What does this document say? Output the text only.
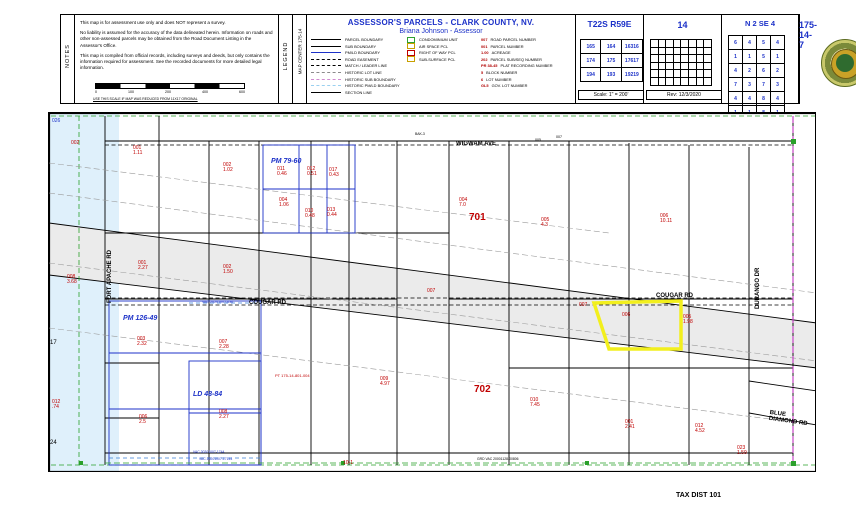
NOTES

This map is for assessment use only and does NOT represent a survey.

No liability is assumed for the accuracy of the data delineated herein. Information on roads and other non-assessed parcels may be obtained from the Road Document Listing in the Assessor's Office.

This map is compiled from official records, including surveys and deeds, but only contains the information required for assessment. See the recorded documents for more detailed legal information.

0	100	200	400	600
USE THIS SCALE IF MAP WAS REDUCED FROM 11X17 ORIGINAL
LEGEND MAP CENTER 175-14
ASSESSOR'S PARCELS - CLARK COUNTY, NV.
Briana Johnson - Assessor
PARCEL BOUNDARY
SUB BOUNDARY
PM/LD BOUNDARY
ROAD EASEMENT
MATCH / LEADER LINE
HISTORIC LOT LINE
HISTORIC SUB BOUNDARY
HISTORIC PM/LD BOUNDARY
SECTION LINE
CONDOMINIUM UNIT
AIR SPACE PCL
RIGHT OF WAY PCL
SUB-SURFACE PCL
007 ROAD PARCEL NUMBER
001 PARCEL NUMBER
1.00 ACREAGE
202 PARCEL SUB/SEQ NUMBER
PR 38-45 PLAT RECORDING NUMBER
5 BLOCK NUMBER
6 LOT NUMBER
GL5 GOV. LOT NUMBER
T22S R59E
165	164	16316
174	175	17617
194	193	19219
Scale: 1" = 200'
14

Rev: 12/3/2020
N 2 SE 4
6	4	5	4
1	1	5	1
4	2	6	2
7	3	7	3
4	4	8	4

175-14-7
WIGWAM AVE
COUGAR RD
COUGAR RD
FORT APACHE RD	DURANGO DR
BLUE DIAMOND RD
701
702
PM 79-60
PM 126-49
LD 48-84
001
1.11
002
1.02	011
0.46
012
0.51
017
0.43
004
1.06
010
0.48
013
0.44
004
7.0
005
4.3
006
10.11
008
3.68
001
2.27	002
1.50
007
007
006	005
1.98
003
2.32	007
2.28
009
4.97
010
7.45
006
2.5
008
2.27
001
2.41	012
4.52
023
1.59
012
.74
VAC 20201007-636
PT 175-14-801-004
VAC 20201007-17144
VAC 20201007-1744
GRD VAC 20001128-00806
026
002
17
24
10-1
005
007
BAK-3
TAX DIST 101
